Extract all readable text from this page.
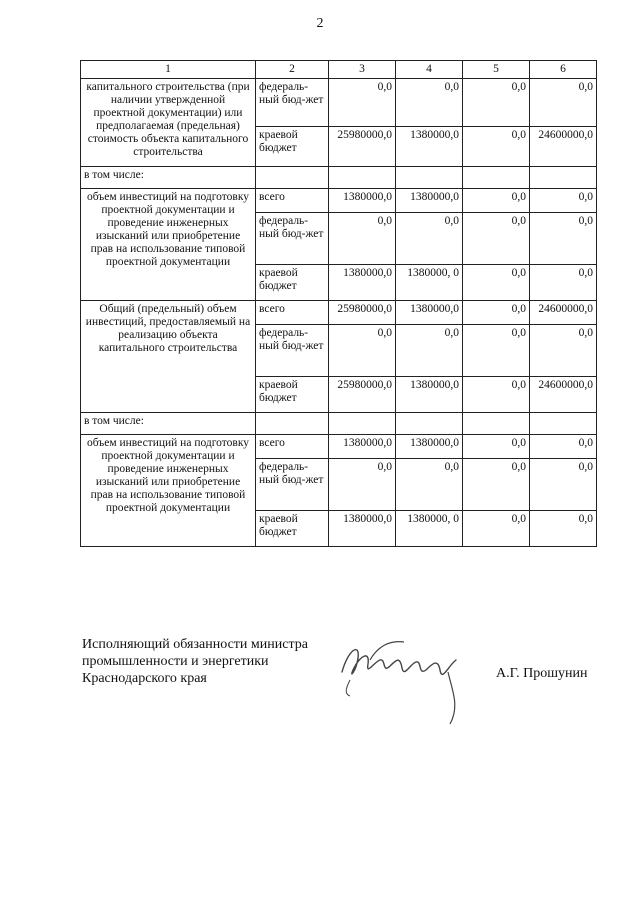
2
1	2	3	4	5	6
капитального строительства (при наличии утвержденной проектной документации) или предполагаемая (предельная) стоимость объекта капитального строительства	федераль-ный бюд-жет	0,0	0,0	0,0	0,0
	краевой бюджет	25980000,0	1380000,0	0,0	24600000,0
в том числе:					
объем инвестиций на подготовку проектной документации и проведение инженерных изысканий или приобретение прав на использование типовой проектной документации	всего	1380000,0	1380000,0	0,0	0,0
	федераль-ный бюд-жет	0,0	0,0	0,0	0,0
	краевой бюджет	1380000,0	1380000, 0	0,0	0,0
Общий (предельный) объем инвестиций, предоставляемый на реализацию объекта капитального строительства	всего	25980000,0	1380000,0	0,0	24600000,0
	федераль-ный бюд-жет	0,0	0,0	0,0	0,0
	краевой бюджет	25980000,0	1380000,0	0,0	24600000,0
в том числе:					
объем инвестиций на подготовку проектной документации и проведение инженерных изысканий или приобретение прав на использование типовой проектной документации	всего	1380000,0	1380000,0	0,0	0,0
	федераль-ный бюд-жет	0,0	0,0	0,0	0,0
	краевой бюджет	1380000,0	1380000, 0	0,0	0,0
Исполняющий обязанности министра
промышленности и энергетики
Краснодарского края	А.Г. Прошунин
